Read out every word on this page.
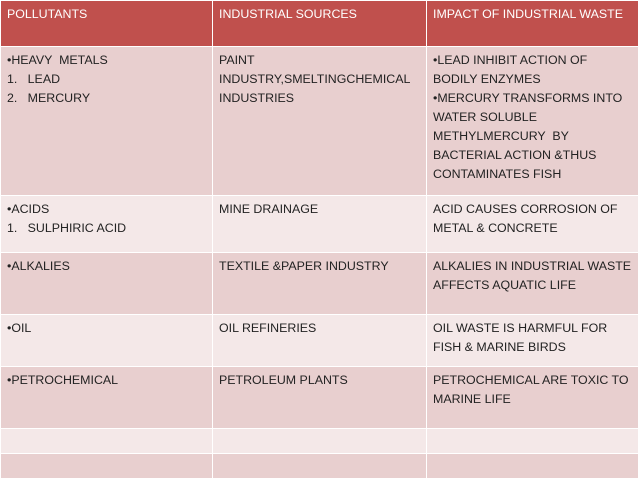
POLLUTANTS	INDUSTRIAL SOURCES	IMPACT OF INDUSTRIAL WASTE

•HEAVY  METALS
1.   LEAD
2.   MERCURY	PAINT INDUSTRY,SMELTINGCHEMICAL INDUSTRIES	•LEAD INHIBIT ACTION OF BODILY ENZYMES
•MERCURY TRANSFORMS INTO WATER SOLUBLE METHYLMERCURY  BY BACTERIAL ACTION &THUS CONTAMINATES FISH

•ACIDS
1.   SULPHIRIC ACID	MINE DRAINAGE	ACID CAUSES CORROSION OF METAL & CONCRETE

•ALKALIES	TEXTILE &PAPER INDUSTRY	ALKALIES IN INDUSTRIAL WASTE AFFECTS AQUATIC LIFE

•OIL	OIL REFINERIES	OIL WASTE IS HARMFUL FOR FISH & MARINE BIRDS

•PETROCHEMICAL	PETROLEUM PLANTS	PETROCHEMICAL ARE TOXIC TO MARINE LIFE
